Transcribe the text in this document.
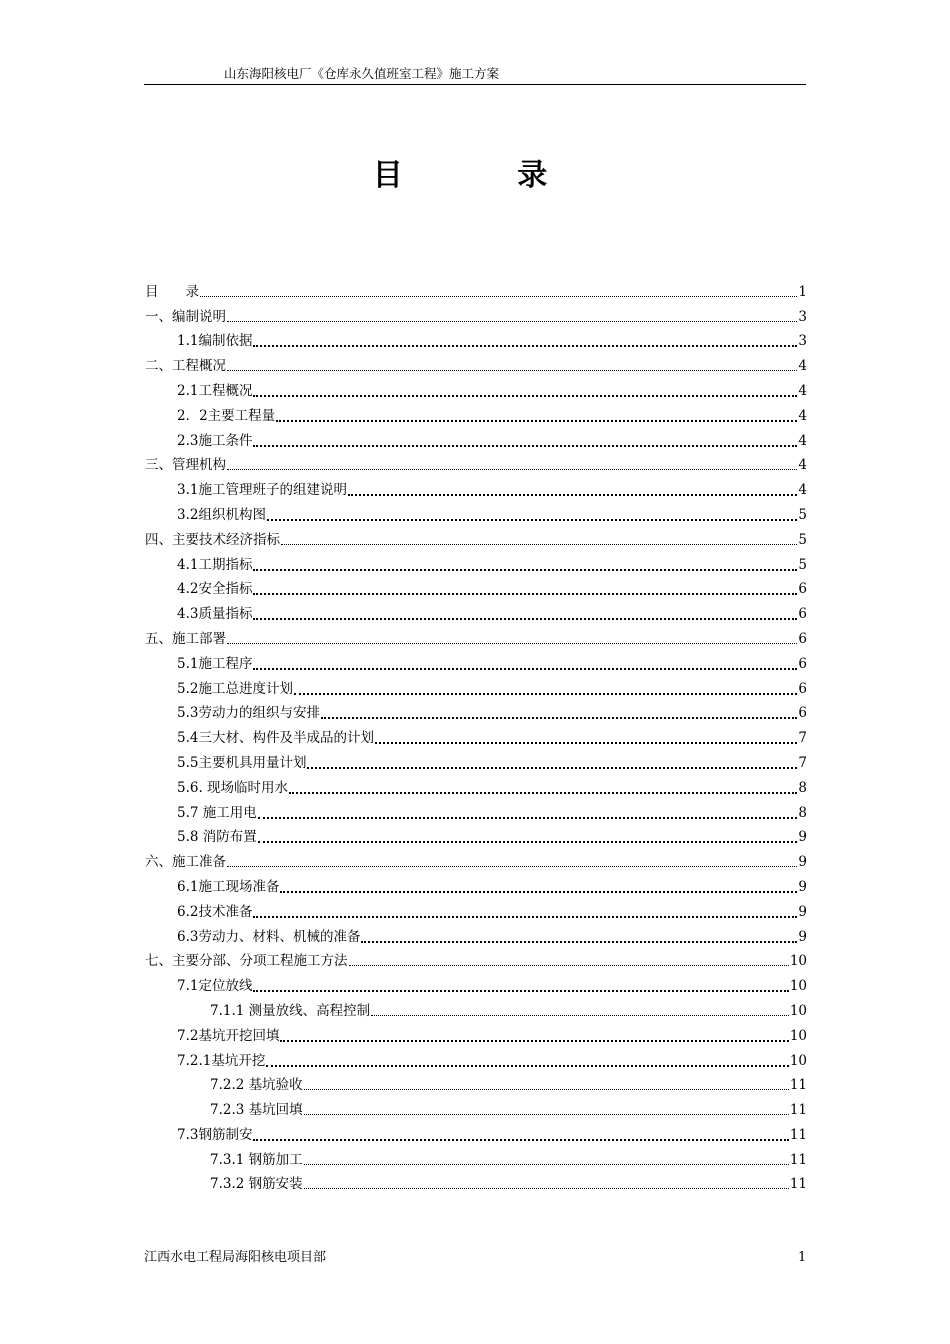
山东海阳核电厂《仓库永久值班室工程》施工方案
目 录
目　　录	1
一、编制说明	3
1.1编制依据	3
二、工程概况	4
2.1工程概况	4
2．2主要工程量	4
2.3施工条件	4
三、管理机构	4
3.1施工管理班子的组建说明	4
3.2组织机构图	5
四、主要技术经济指标	5
4.1工期指标	5
4.2安全指标	6
4.3质量指标	6
五、施工部署	6
5.1施工程序	6
5.2施工总进度计划	6
5.3劳动力的组织与安排	6
5.4三大材、构件及半成品的计划	7
5.5主要机具用量计划	7
5.6. 现场临时用水	8
5.7 施工用电	8
5.8 消防布置	9
六、施工准备	9
6.1施工现场准备	9
6.2技术准备	9
6.3劳动力、材料、机械的准备	9
七、主要分部、分项工程施工方法	10
7.1定位放线	10
7.1.1 测量放线、高程控制	10
7.2基坑开挖回填	10
7.2.1基坑开挖	10
7.2.2 基坑验收	11
7.2.3 基坑回填	11
7.3钢筋制安	11
7.3.1 钢筋加工	11
7.3.2 钢筋安装	11
江西水电工程局海阳核电项目部	1
